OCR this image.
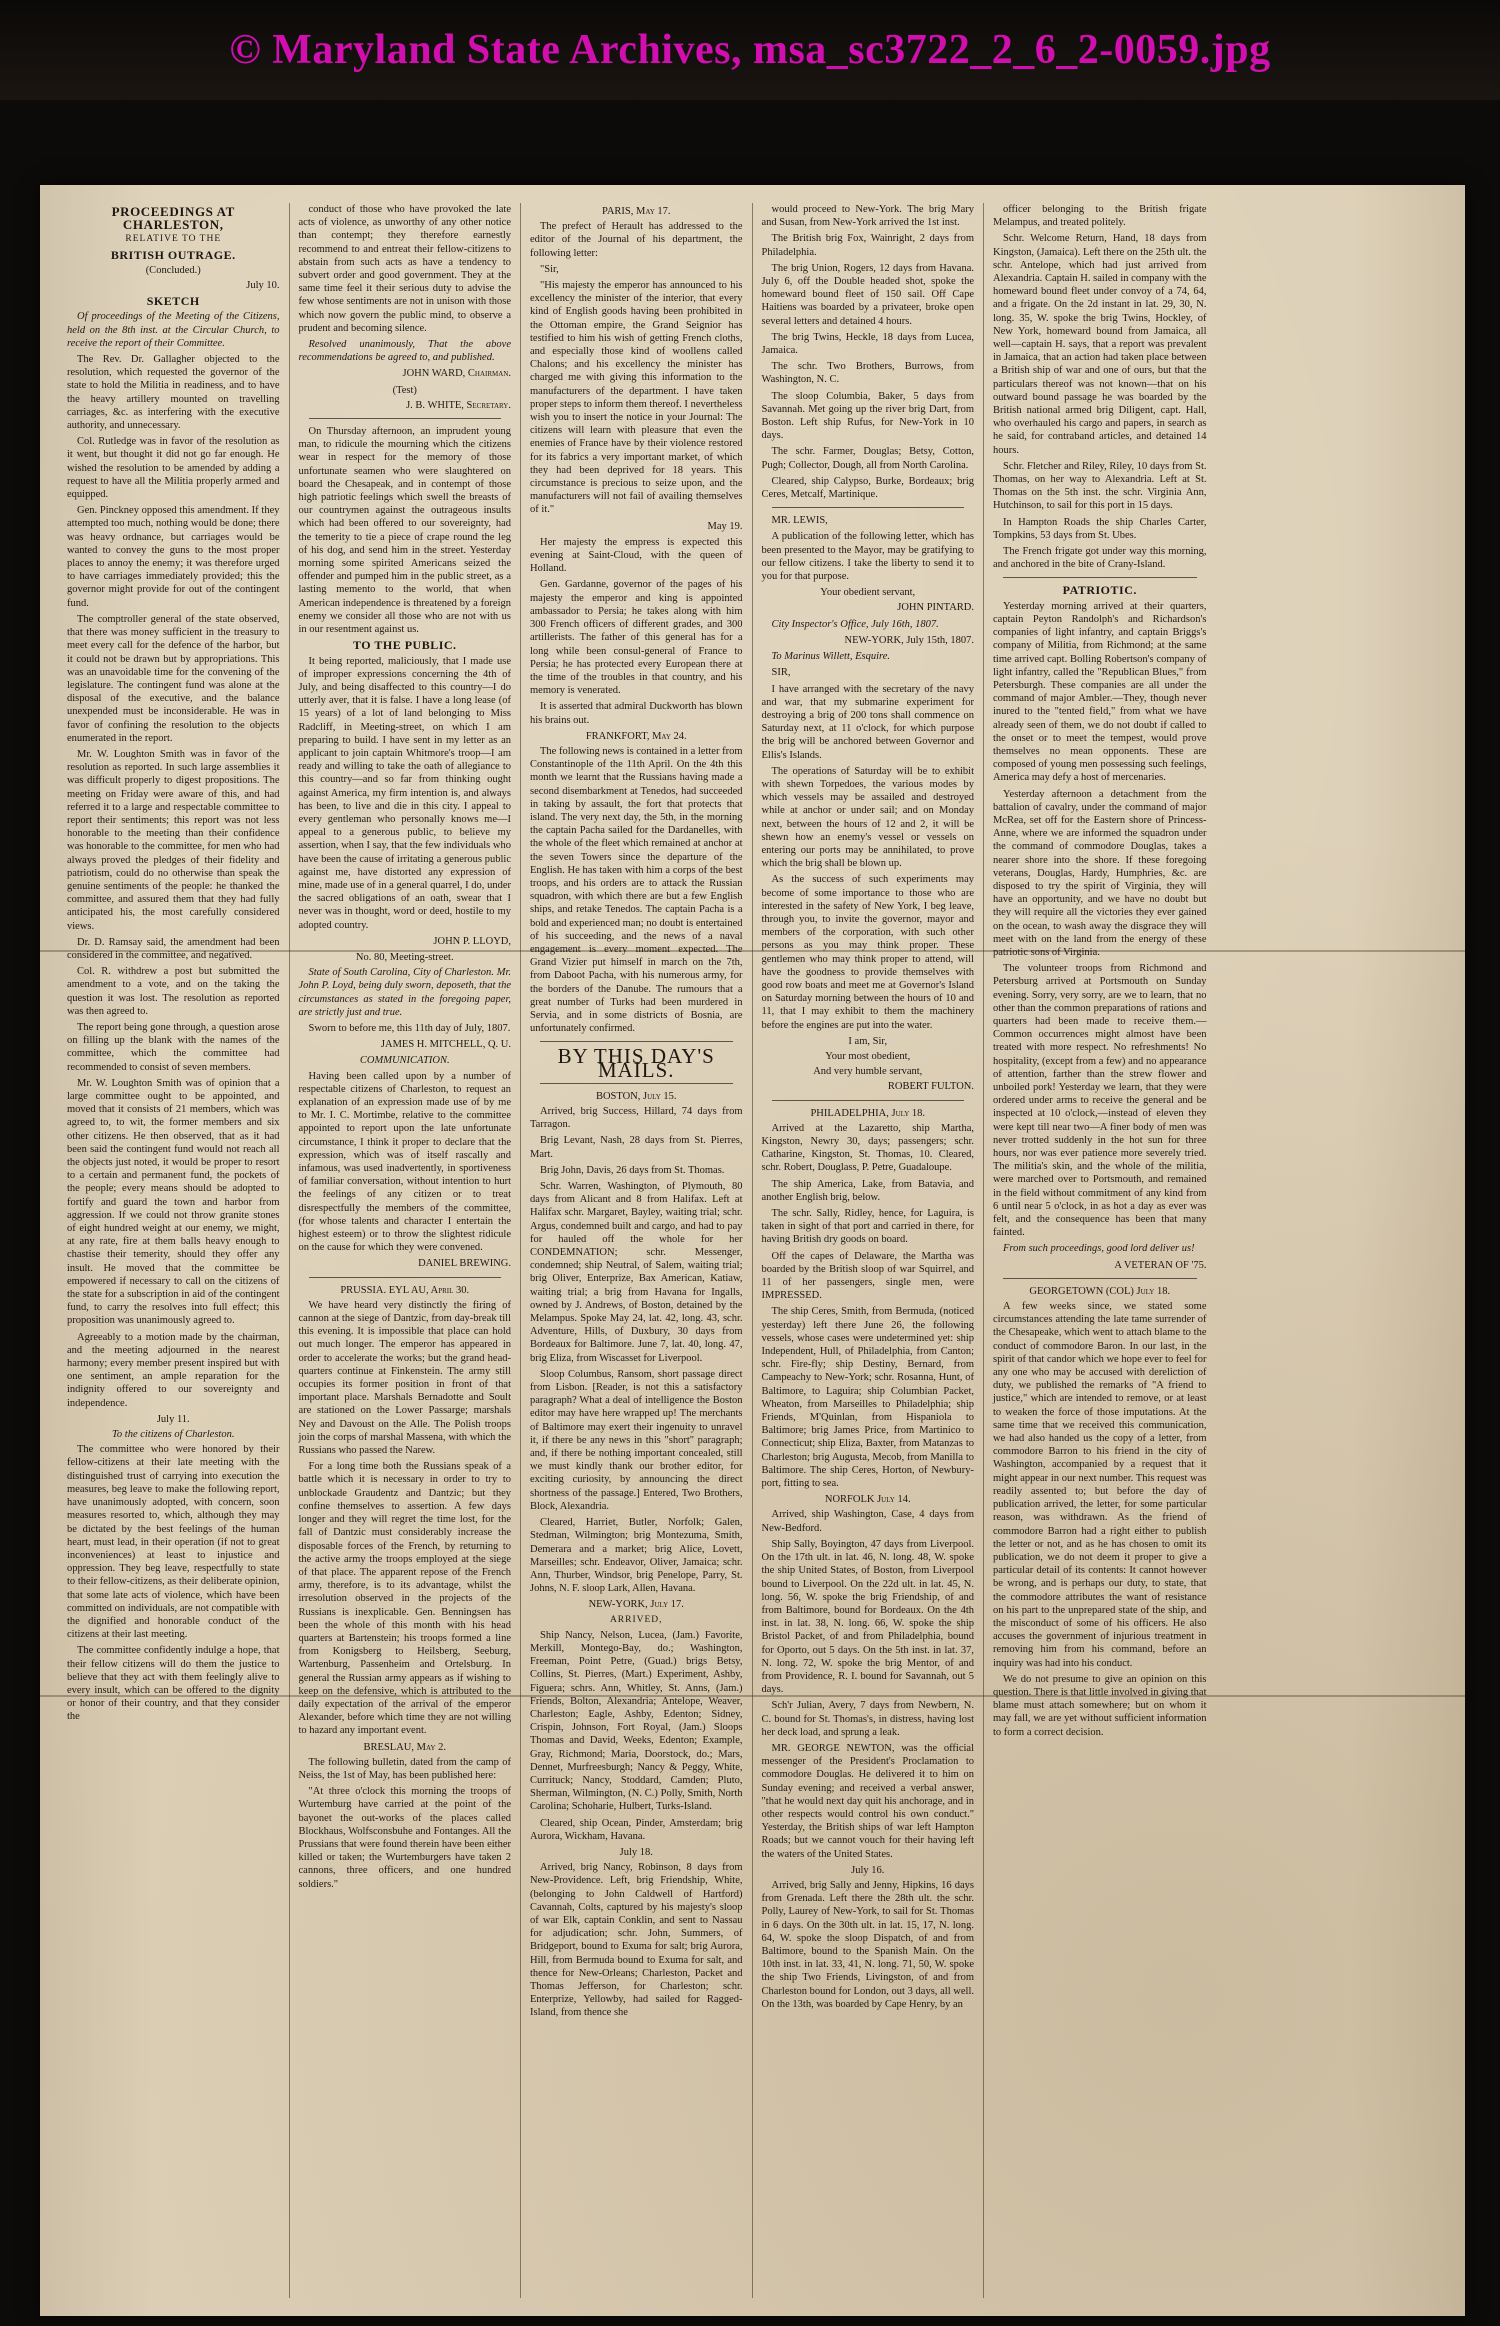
© Maryland State Archives, msa_sc3722_2_6_2-0059.jpg

PROCEEDINGS AT CHARLESTON,

RELATIVE TO THE

BRITISH OUTRAGE.

(Concluded.)

July 10.

SKETCH

Of proceedings of the Meeting of the Citizens, held on the 8th inst. at the Circular Church, to receive the report of their Committee.

The Rev. Dr. Gallagher objected to the resolution, which requested the governor of the state to hold the Militia in readiness, and to have the heavy artillery mounted on travelling carriages, &c. as interfering with the executive authority, and unnecessary.

Col. Rutledge was in favor of the resolution as it went, but thought it did not go far enough. He wished the resolution to be amended by adding a request to have all the Militia properly armed and equipped.

Gen. Pinckney opposed this amendment. If they attempted too much, nothing would be done; there was heavy ordnance, but carriages would be wanted to convey the guns to the most proper places to annoy the enemy; it was therefore urged to have carriages immediately provided; this the governor might provide for out of the contingent fund.

The comptroller general of the state observed, that there was money sufficient in the treasury to meet every call for the defence of the harbor, but it could not be drawn but by appropriations. This was an unavoidable time for the convening of the legislature. The contingent fund was alone at the disposal of the executive, and the balance unexpended must be inconsiderable. He was in favor of confining the resolution to the objects enumerated in the report.

Mr. W. Loughton Smith was in favor of the resolution as reported. In such large assemblies it was difficult properly to digest propositions. The meeting on Friday were aware of this, and had referred it to a large and respectable committee to report their sentiments; this report was not less honorable to the meeting than their confidence was honorable to the committee, for men who had always proved the pledges of their fidelity and patriotism, could do no otherwise than speak the genuine sentiments of the people: he thanked the committee, and assured them that they had fully anticipated his, the most carefully considered views.

Dr. D. Ramsay said, the amendment had been considered in the committee, and negatived.

Col. R. withdrew a post but submitted the amendment to a vote, and on the taking the question it was lost. The resolution as reported was then agreed to.

The report being gone through, a question arose on filling up the blank with the names of the committee, which the committee had recommended to consist of seven members.

Mr. W. Loughton Smith was of opinion that a large committee ought to be appointed, and moved that it consists of 21 members, which was agreed to, to wit, the former members and six other citizens. He then observed, that as it had been said the contingent fund would not reach all the objects just noted, it would be proper to resort to a certain and permanent fund, the pockets of the people; every means should be adopted to fortify and guard the town and harbor from aggression. If we could not throw granite stones of eight hundred weight at our enemy, we might, at any rate, fire at them balls heavy enough to chastise their temerity, should they offer any insult. He moved that the committee be empowered if necessary to call on the citizens of the state for a subscription in aid of the contingent fund, to carry the resolves into full effect; this proposition was unanimously agreed to.

Agreeably to a motion made by the chairman, and the meeting adjourned in the nearest harmony; every member present inspired but with one sentiment, an ample reparation for the indignity offered to our sovereignty and independence.

July 11.

To the citizens of Charleston.

The committee who were honored by their fellow-citizens at their late meeting with the distinguished trust of carrying into execution the measures, beg leave to make the following report, have unanimously adopted, with concern, soon measures resorted to, which, although they may be dictated by the best feelings of the human heart, must lead, in their operation (if not to great inconveniences) at least to injustice and oppression. They beg leave, respectfully to state to their fellow-citizens, as their deliberate opinion, that some late acts of violence, which have been committed on individuals, are not compatible with the dignified and honorable conduct of the citizens at their last meeting.

The committee confidently indulge a hope, that their fellow citizens will do them the justice to believe that they act with them feelingly alive to every insult, which can be offered to the dignity or honor of their country, and that they consider the

conduct of those who have provoked the late acts of violence, as unworthy of any other notice than contempt; they therefore earnestly recommend to and entreat their fellow-citizens to abstain from such acts as have a tendency to subvert order and good government. They at the same time feel it their serious duty to advise the few whose sentiments are not in unison with those which now govern the public mind, to observe a prudent and becoming silence.

Resolved unanimously, That the above recommendations be agreed to, and published.

JOHN WARD, Chairman.

(Test)

J. B. WHITE, Secretary.

On Thursday afternoon, an imprudent young man, to ridicule the mourning which the citizens wear in respect for the memory of those unfortunate seamen who were slaughtered on board the Chesapeak, and in contempt of those high patriotic feelings which swell the breasts of our countrymen against the outrageous insults which had been offered to our sovereignty, had the temerity to tie a piece of crape round the leg of his dog, and send him in the street. Yesterday morning some spirited Americans seized the offender and pumped him in the public street, as a lasting memento to the world, that when American independence is threatened by a foreign enemy we consider all those who are not with us in our resentment against us.

TO THE PUBLIC.

It being reported, maliciously, that I made use of improper expressions concerning the 4th of July, and being disaffected to this country—I do utterly aver, that it is false. I have a long lease (of 15 years) of a lot of land belonging to Miss Radcliff, in Meeting-street, on which I am preparing to build. I have sent in my letter as an applicant to join captain Whitmore's troop—I am ready and willing to take the oath of allegiance to this country—and so far from thinking ought against America, my firm intention is, and always has been, to live and die in this city. I appeal to every gentleman who personally knows me—I appeal to a generous public, to believe my assertion, when I say, that the few individuals who have been the cause of irritating a generous public against me, have distorted any expression of mine, made use of in a general quarrel, I do, under the sacred obligations of an oath, swear that I never was in thought, word or deed, hostile to my adopted country.

JOHN P. LLOYD,

No. 80, Meeting-street.

State of South Carolina, City of Charleston. Mr. John P. Loyd, being duly sworn, deposeth, that the circumstances as stated in the foregoing paper, are strictly just and true.

Sworn to before me, this 11th day of July, 1807.

JAMES H. MITCHELL, Q. U.

COMMUNICATION.

Having been called upon by a number of respectable citizens of Charleston, to request an explanation of an expression made use of by me to Mr. I. C. Mortimbe, relative to the committee appointed to report upon the late unfortunate circumstance, I think it proper to declare that the expression, which was of itself rascally and infamous, was used inadvertently, in sportiveness of familiar conversation, without intention to hurt the feelings of any citizen or to treat disrespectfully the members of the committee, (for whose talents and character I entertain the highest esteem) or to throw the slightest ridicule on the cause for which they were convened.

DANIEL BREWING.

PRUSSIA. EYL AU, April 30.

We have heard very distinctly the firing of cannon at the siege of Dantzic, from day-break till this evening. It is impossible that place can hold out much longer. The emperor has appeared in order to accelerate the works; but the grand head-quarters continue at Finkenstein. The army still occupies its former position in front of that important place. Marshals Bernadotte and Soult are stationed on the Lower Passarge; marshals Ney and Davoust on the Alle. The Polish troops join the corps of marshal Massena, with which the Russians who passed the Narew.

For a long time both the Russians speak of a battle which it is necessary in order to try to unblockade Graudentz and Dantzic; but they confine themselves to assertion. A few days longer and they will regret the time lost, for the fall of Dantzic must considerably increase the disposable forces of the French, by returning to the active army the troops employed at the siege of that place. The apparent repose of the French army, therefore, is to its advantage, whilst the irresolution observed in the projects of the Russians is inexplicable. Gen. Benningsen has been the whole of this month with his head quarters at Bartenstein; his troops formed a line from Konigsberg to Heilsberg, Seeburg, Wartenburg, Passenheim and Ortelsburg. In general the Russian army appears as if wishing to keep on the defensive, which is attributed to the daily expectation of the arrival of the emperor Alexander, before which time they are not willing to hazard any important event.

BRESLAU, May 2.

The following bulletin, dated from the camp of Neiss, the 1st of May, has been published here:

"At three o'clock this morning the troops of Wurtemburg have carried at the point of the bayonet the out-works of the places called Blockhaus, Wolfsconsbuhe and Fontanges. All the Prussians that were found therein have been either killed or taken; the Wurtemburgers have taken 2 cannons, three officers, and one hundred soldiers."

PARIS, May 17.

The prefect of Herault has addressed to the editor of the Journal of his department, the following letter:

"Sir,

"His majesty the emperor has announced to his excellency the minister of the interior, that every kind of English goods having been prohibited in the Ottoman empire, the Grand Seignior has testified to him his wish of getting French cloths, and especially those kind of woollens called Chalons; and his excellency the minister has charged me with giving this information to the manufacturers of the department. I have taken proper steps to inform them thereof. I nevertheless wish you to insert the notice in your Journal: The citizens will learn with pleasure that even the enemies of France have by their violence restored for its fabrics a very important market, of which they had been deprived for 18 years. This circumstance is precious to seize upon, and the manufacturers will not fail of availing themselves of it."

May 19.

Her majesty the empress is expected this evening at Saint-Cloud, with the queen of Holland.

Gen. Gardanne, governor of the pages of his majesty the emperor and king is appointed ambassador to Persia; he takes along with him 300 French officers of different grades, and 300 artillerists. The father of this general has for a long while been consul-general of France to Persia; he has protected every European there at the time of the troubles in that country, and his memory is venerated.

It is asserted that admiral Duckworth has blown his brains out.

FRANKFORT, May 24.

The following news is contained in a letter from Constantinople of the 11th April. On the 4th this month we learnt that the Russians having made a second disembarkment at Tenedos, had succeeded in taking by assault, the fort that protects that island. The very next day, the 5th, in the morning the captain Pacha sailed for the Dardanelles, with the whole of the fleet which remained at anchor at the seven Towers since the departure of the English. He has taken with him a corps of the best troops, and his orders are to attack the Russian squadron, with which there are but a few English ships, and retake Tenedos. The captain Pacha is a bold and experienced man; no doubt is entertained of his succeeding, and the news of a naval engagement is every moment expected. The Grand Vizier put himself in march on the 7th, from Daboot Pacha, with his numerous army, for the borders of the Danube. The rumours that a great number of Turks had been murdered in Servia, and in some districts of Bosnia, are unfortunately confirmed.

BY THIS DAY'S MAILS.

BOSTON, July 15.

Arrived, brig Success, Hillard, 74 days from Tarragon.

Brig Levant, Nash, 28 days from St. Pierres, Mart.

Brig John, Davis, 26 days from St. Thomas.

Schr. Warren, Washington, of Plymouth, 80 days from Alicant and 8 from Halifax. Left at Halifax schr. Margaret, Bayley, waiting trial; schr. Argus, condemned built and cargo, and had to pay for hauled off the whole for her CONDEMNATION; schr. Messenger, condemned; ship Neutral, of Salem, waiting trial; brig Oliver, Enterprize, Bax American, Katiaw, waiting trial; a brig from Havana for Ingalls, owned by J. Andrews, of Boston, detained by the Melampus. Spoke May 24, lat. 42, long. 43, schr. Adventure, Hills, of Duxbury, 30 days from Bordeaux for Baltimore. June 7, lat. 40, long. 47, brig Eliza, from Wiscasset for Liverpool.

Sloop Columbus, Ransom, short passage direct from Lisbon. [Reader, is not this a satisfactory paragraph? What a deal of intelligence the Boston editor may have here wrapped up! The merchants of Baltimore may exert their ingenuity to unravel it, if there be any news in this "short" paragraph; and, if there be nothing important concealed, still we must kindly thank our brother editor, for exciting curiosity, by announcing the direct shortness of the passage.] Entered, Two Brothers, Block, Alexandria.

Cleared, Harriet, Butler, Norfolk; Galen, Stedman, Wilmington; brig Montezuma, Smith, Demerara and a market; brig Alice, Lovett, Marseilles; schr. Endeavor, Oliver, Jamaica; schr. Ann, Thurber, Windsor, brig Penelope, Parry, St. Johns, N. F. sloop Lark, Allen, Havana.

NEW-YORK, July 17.

ARRIVED,

Ship Nancy, Nelson, Lucea, (Jam.) Favorite, Merkill, Montego-Bay, do.; Washington, Freeman, Point Petre, (Guad.) brigs Betsy, Collins, St. Pierres, (Mart.) Experiment, Ashby, Figuera; schrs. Ann, Whitley, St. Anns, (Jam.) Friends, Bolton, Alexandria; Antelope, Weaver, Charleston; Eagle, Ashby, Edenton; Sidney, Crispin, Johnson, Fort Royal, (Jam.) Sloops Thomas and David, Weeks, Edenton; Example, Gray, Richmond; Maria, Doorstock, do.; Mars, Dennet, Murfreesburgh; Nancy & Peggy, White, Currituck; Nancy, Stoddard, Camden; Pluto, Sherman, Wilmington, (N. C.) Polly, Smith, North Carolina; Schoharie, Hulbert, Turks-Island.

Cleared, ship Ocean, Pinder, Amsterdam; brig Aurora, Wickham, Havana.

July 18.

Arrived, brig Nancy, Robinson, 8 days from New-Providence. Left, brig Friendship, White, (belonging to John Caldwell of Hartford) Cavannah, Colts, captured by his majesty's sloop of war Elk, captain Conklin, and sent to Nassau for adjudication; schr. John, Summers, of Bridgeport, bound to Exuma for salt; brig Aurora, Hill, from Bermuda bound to Exuma for salt, and thence for New-Orleans; Charleston, Packet and Thomas Jefferson, for Charleston; schr. Enterprize, Yellowby, had sailed for Ragged-Island, from thence she

would proceed to New-York. The brig Mary and Susan, from New-York arrived the 1st inst.

The British brig Fox, Wainright, 2 days from Philadelphia.

The brig Union, Rogers, 12 days from Havana. July 6, off the Double headed shot, spoke the homeward bound fleet of 150 sail. Off Cape Haitiens was boarded by a privateer, broke open several letters and detained 4 hours.

The brig Twins, Heckle, 18 days from Lucea, Jamaica.

The schr. Two Brothers, Burrows, from Washington, N. C.

The sloop Columbia, Baker, 5 days from Savannah. Met going up the river brig Dart, from Boston. Left ship Rufus, for New-York in 10 days.

The schr. Farmer, Douglas; Betsy, Cotton, Pugh; Collector, Dough, all from North Carolina.

Cleared, ship Calypso, Burke, Bordeaux; brig Ceres, Metcalf, Martinique.

MR. LEWIS,

A publication of the following letter, which has been presented to the Mayor, may be gratifying to our fellow citizens. I take the liberty to send it to you for that purpose.

Your obedient servant,

JOHN PINTARD.

City Inspector's Office, July 16th, 1807.

NEW-YORK, July 15th, 1807.

To Marinus Willett, Esquire.

SIR,

I have arranged with the secretary of the navy and war, that my submarine experiment for destroying a brig of 200 tons shall commence on Saturday next, at 11 o'clock, for which purpose the brig will be anchored between Governor and Ellis's Islands.

The operations of Saturday will be to exhibit with shewn Torpedoes, the various modes by which vessels may be assailed and destroyed while at anchor or under sail; and on Monday next, between the hours of 12 and 2, it will be shewn how an enemy's vessel or vessels on entering our ports may be annihilated, to prove which the brig shall be blown up.

As the success of such experiments may become of some importance to those who are interested in the safety of New York, I beg leave, through you, to invite the governor, mayor and members of the corporation, with such other persons as you may think proper. These gentlemen who may think proper to attend, will have the goodness to provide themselves with good row boats and meet me at Governor's Island on Saturday morning between the hours of 10 and 11, that I may exhibit to them the machinery before the engines are put into the water.

I am, Sir,

Your most obedient,

And very humble servant,

ROBERT FULTON.

PHILADELPHIA, July 18.

Arrived at the Lazaretto, ship Martha, Kingston, Newry 30, days; passengers; schr. Catharine, Kingston, St. Thomas, 10. Cleared, schr. Robert, Douglass, P. Petre, Guadaloupe.

The ship America, Lake, from Batavia, and another English brig, below.

The schr. Sally, Ridley, hence, for Laguira, is taken in sight of that port and carried in there, for having British dry goods on board.

Off the capes of Delaware, the Martha was boarded by the British sloop of war Squirrel, and 11 of her passengers, single men, were IMPRESSED.

The ship Ceres, Smith, from Bermuda, (noticed yesterday) left there June 26, the following vessels, whose cases were undetermined yet: ship Independent, Hull, of Philadelphia, from Canton; schr. Fire-fly; ship Destiny, Bernard, from Campeachy to New-York; schr. Rosanna, Hunt, of Baltimore, to Laguira; ship Columbian Packet, Wheaton, from Marseilles to Philadelphia; ship Friends, M'Quinlan, from Hispaniola to Baltimore; brig James Price, from Martinico to Connecticut; ship Eliza, Baxter, from Matanzas to Charleston; brig Augusta, Mecob, from Manilla to Baltimore. The ship Ceres, Horton, of Newbury-port, fitting to sea.

NORFOLK July 14.

Arrived, ship Washington, Case, 4 days from New-Bedford.

Ship Sally, Boyington, 47 days from Liverpool. On the 17th ult. in lat. 46, N. long. 48, W. spoke the ship United States, of Boston, from Liverpool bound to Liverpool. On the 22d ult. in lat. 45, N. long. 56, W. spoke the brig Friendship, of and from Baltimore, bound for Bordeaux. On the 4th inst. in lat. 38, N. long. 66, W. spoke the ship Bristol Packet, of and from Philadelphia, bound for Oporto, out 5 days. On the 5th inst. in lat. 37, N. long. 72, W. spoke the brig Mentor, of and from Providence, R. I. bound for Savannah, out 5 days.

Sch'r Julian, Avery, 7 days from Newbern, N. C. bound for St. Thomas's, in distress, having lost her deck load, and sprung a leak.

MR. GEORGE NEWTON, was the official messenger of the President's Proclamation to commodore Douglas. He delivered it to him on Sunday evening; and received a verbal answer, "that he would next day quit his anchorage, and in other respects would control his own conduct." Yesterday, the British ships of war left Hampton Roads; but we cannot vouch for their having left the waters of the United States.

July 16.

Arrived, brig Sally and Jenny, Hipkins, 16 days from Grenada. Left there the 28th ult. the schr. Polly, Laurey of New-York, to sail for St. Thomas in 6 days. On the 30th ult. in lat. 15, 17, N. long. 64, W. spoke the sloop Dispatch, of and from Baltimore, bound to the Spanish Main. On the 10th inst. in lat. 33, 41, N. long. 71, 50, W. spoke the ship Two Friends, Livingston, of and from Charleston bound for London, out 3 days, all well. On the 13th, was boarded by Cape Henry, by an

officer belonging to the British frigate Melampus, and treated politely.

Schr. Welcome Return, Hand, 18 days from Kingston, (Jamaica). Left there on the 25th ult. the schr. Antelope, which had just arrived from Alexandria. Captain H. sailed in company with the homeward bound fleet under convoy of a 74, 64, and a frigate. On the 2d instant in lat. 29, 30, N. long. 35, W. spoke the brig Twins, Hockley, of New York, homeward bound from Jamaica, all well—captain H. says, that a report was prevalent in Jamaica, that an action had taken place between a British ship of war and one of ours, but that the particulars thereof was not known—that on his outward bound passage he was boarded by the British national armed brig Diligent, capt. Hall, who overhauled his cargo and papers, in search as he said, for contraband articles, and detained 14 hours.

Schr. Fletcher and Riley, Riley, 10 days from St. Thomas, on her way to Alexandria. Left at St. Thomas on the 5th inst. the schr. Virginia Ann, Hutchinson, to sail for this port in 15 days.

In Hampton Roads the ship Charles Carter, Tompkins, 53 days from St. Ubes.

The French frigate got under way this morning, and anchored in the bite of Crany-Island.

PATRIOTIC.

Yesterday morning arrived at their quarters, captain Peyton Randolph's and Richardson's companies of light infantry, and captain Briggs's company of Militia, from Richmond; at the same time arrived capt. Bolling Robertson's company of light infantry, called the "Republican Blues," from Petersburgh. These companies are all under the command of major Ambler.—They, though never inured to the "tented field," from what we have already seen of them, we do not doubt if called to the onset or to meet the tempest, would prove themselves no mean opponents. These are composed of young men possessing such feelings, America may defy a host of mercenaries.

Yesterday afternoon a detachment from the battalion of cavalry, under the command of major McRea, set off for the Eastern shore of Princess-Anne, where we are informed the squadron under the command of commodore Douglas, takes a nearer shore into the shore. If these foregoing veterans, Douglas, Hardy, Humphries, &c. are disposed to try the spirit of Virginia, they will have an opportunity, and we have no doubt but they will require all the victories they ever gained on the ocean, to wash away the disgrace they will meet with on the land from the energy of these patriotic sons of Virginia.

The volunteer troops from Richmond and Petersburg arrived at Portsmouth on Sunday evening. Sorry, very sorry, are we to learn, that no other than the common preparations of rations and quarters had been made to receive them.—Common occurrences might almost have been treated with more respect. No refreshments! No hospitality, (except from a few) and no appearance of attention, farther than the strew flower and unboiled pork! Yesterday we learn, that they were ordered under arms to receive the general and be inspected at 10 o'clock,—instead of eleven they were kept till near two—A finer body of men was never trotted suddenly in the hot sun for three hours, nor was ever patience more severely tried. The militia's skin, and the whole of the militia, were marched over to Portsmouth, and remained in the field without commitment of any kind from 6 until near 5 o'clock, in as hot a day as ever was felt, and the consequence has been that many fainted.

From such proceedings, good lord deliver us!

A VETERAN OF '75.

GEORGETOWN (COL) July 18.

A few weeks since, we stated some circumstances attending the late tame surrender of the Chesapeake, which went to attach blame to the conduct of commodore Baron. In our last, in the spirit of that candor which we hope ever to feel for any one who may be accused with dereliction of duty, we published the remarks of "A friend to justice," which are intended to remove, or at least to weaken the force of those imputations. At the same time that we received this communication, we had also handed us the copy of a letter, from commodore Barron to his friend in the city of Washington, accompanied by a request that it might appear in our next number. This request was readily assented to; but before the day of publication arrived, the letter, for some particular reason, was withdrawn. As the friend of commodore Barron had a right either to publish the letter or not, and as he has chosen to omit its publication, we do not deem it proper to give a particular detail of its contents: It cannot however be wrong, and is perhaps our duty, to state, that the commodore attributes the want of resistance on his part to the unprepared state of the ship, and the misconduct of some of his officers. He also accuses the government of injurious treatment in removing him from his command, before an inquiry was had into his conduct.

We do not presume to give an opinion on this question. There is that little involved in giving that blame must attach somewhere; but on whom it may fall, we are yet without sufficient information to form a correct decision.
